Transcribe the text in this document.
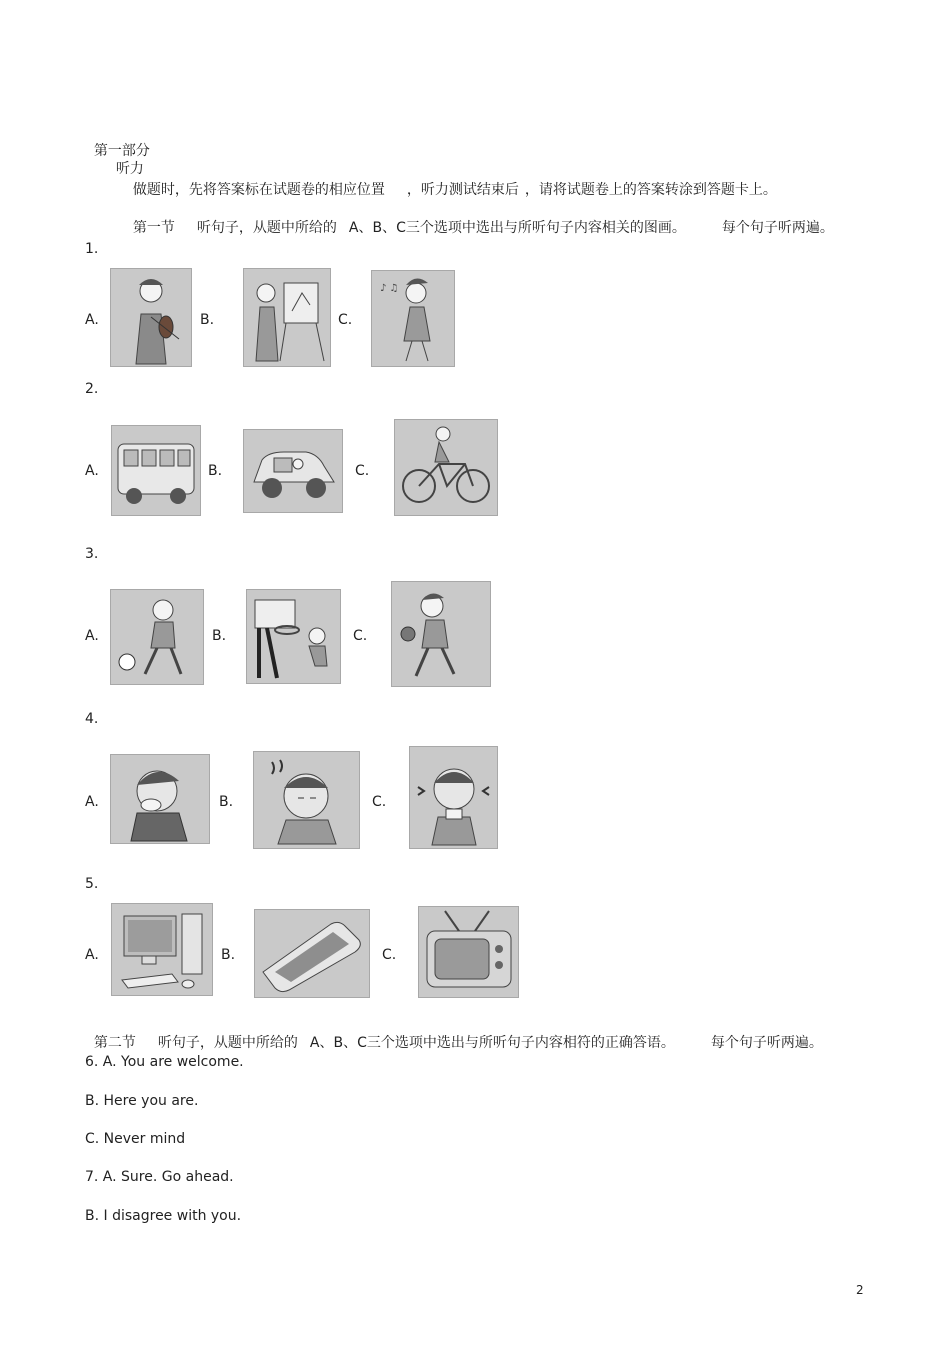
第一部分
听力

做题时，先将答案标在试题卷的相应位置 ，听力测试结束后 ，请将试题卷上的答案转涂到答题卡上。

第一节 听句子，从题中所给的 A、B、C三个选项中选出与所听句子内容相关的图画。	每个句子听两遍。

1.
A.	B.	C.
♪ ♫
2.
A.	B.	C.
3.
A.	B.	C.
4.
A.	B.	C.
5.
A.	B.	C.

第二节 听句子，从题中所给的 A、B、C三个选项中选出与所听句子内容相符的正确答语。	每个句子听两遍。

6. A. You are welcome.
B. Here you are.
C. Never mind
7. A. Sure. Go ahead.
B. I disagree with you.
2
